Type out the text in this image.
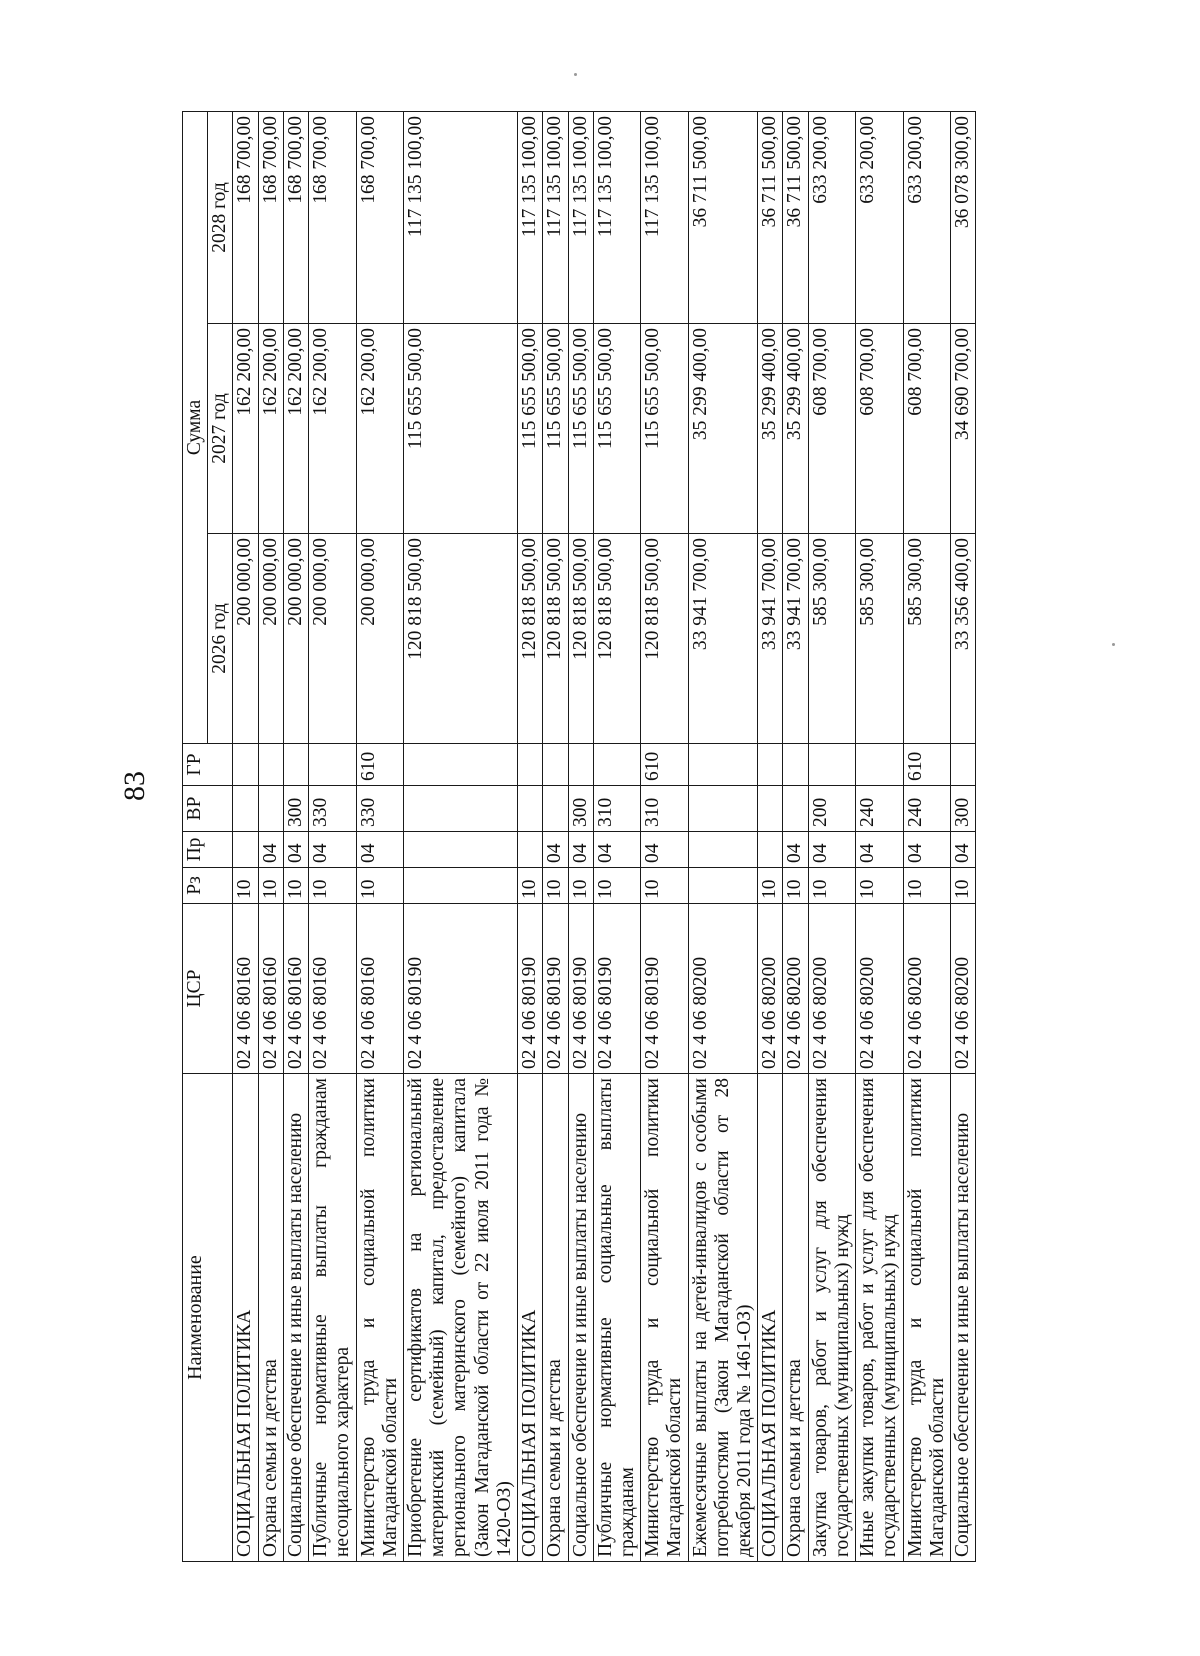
83
Наименование	ЦСР	Рз	Пр	ВР	ГР	Сумма		
						2026 год	2027 год	2028 год
СОЦИАЛЬНАЯ ПОЛИТИКА	02 4 06 80160	10				200 000,00	162 200,00	168 700,00
Охрана семьи и детства	02 4 06 80160	10	04			200 000,00	162 200,00	168 700,00
Социальное обеспечение и иные выплаты населению	02 4 06 80160	10	04	300		200 000,00	162 200,00	168 700,00
Публичные нормативные выплаты гражданам несоциального характера	02 4 06 80160	10	04	330		200 000,00	162 200,00	168 700,00
Министерство труда и социальной политики Магаданской области	02 4 06 80160	10	04	330	610	200 000,00	162 200,00	168 700,00
Приобретение сертификатов на региональный материнский (семейный) капитал, предоставление регионального материнского (семейного) капитала (Закон Магаданской области от 22 июля 2011 года № 1420-ОЗ)	02 4 06 80190					120 818 500,00	115 655 500,00	117 135 100,00
СОЦИАЛЬНАЯ ПОЛИТИКА	02 4 06 80190	10				120 818 500,00	115 655 500,00	117 135 100,00
Охрана семьи и детства	02 4 06 80190	10	04			120 818 500,00	115 655 500,00	117 135 100,00
Социальное обеспечение и иные выплаты населению	02 4 06 80190	10	04	300		120 818 500,00	115 655 500,00	117 135 100,00
Публичные нормативные социальные выплаты гражданам	02 4 06 80190	10	04	310		120 818 500,00	115 655 500,00	117 135 100,00
Министерство труда и социальной политики Магаданской области	02 4 06 80190	10	04	310	610	120 818 500,00	115 655 500,00	117 135 100,00
Ежемесячные выплаты на детей-инвалидов с особыми потребностями (Закон Магаданской области от 28 декабря 2011 года № 1461-ОЗ)	02 4 06 80200					33 941 700,00	35 299 400,00	36 711 500,00
СОЦИАЛЬНАЯ ПОЛИТИКА	02 4 06 80200	10				33 941 700,00	35 299 400,00	36 711 500,00
Охрана семьи и детства	02 4 06 80200	10	04			33 941 700,00	35 299 400,00	36 711 500,00
Закупка товаров, работ и услуг для обеспечения государственных (муниципальных) нужд	02 4 06 80200	10	04	200		585 300,00	608 700,00	633 200,00
Иные закупки товаров, работ и услуг для обеспечения государственных (муниципальных) нужд	02 4 06 80200	10	04	240		585 300,00	608 700,00	633 200,00
Министерство труда и социальной политики Магаданской области	02 4 06 80200	10	04	240	610	585 300,00	608 700,00	633 200,00
Социальное обеспечение и иные выплаты населению	02 4 06 80200	10	04	300		33 356 400,00	34 690 700,00	36 078 300,00
